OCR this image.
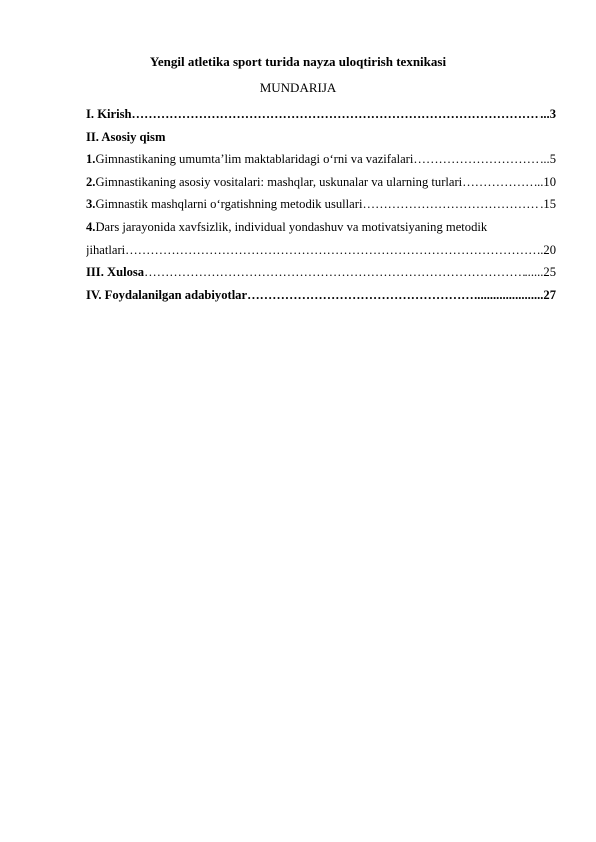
Yengil atletika sport turida nayza uloqtirish texnikasi
MUNDARIJA
I. Kirish ………………………………………………………………………………………………………………………………………………	...3
II. Asosiy qism
1.Gimnastikaning umumta’lim maktablaridagi o‘rni va vazifalari ………………………………………………………………………………………………………………………………………………	...5
2.Gimnastikaning asosiy vositalari: mashqlar, uskunalar va ularning turlari ………………………………………………………………………………………………………………………………………………	..10
3.Gimnastik mashqlarni o‘rgatishning metodik usullari ………………………………………………………………………………………………………………………………………………	.15
4.Dars jarayonida xavfsizlik, individual yondashuv va motivatsiyaning metodik
jihatlari ………………………………………………………………………………………………………………………………………………	.20
III. Xulosa ………………………………………………………………………………………………………………………………………………	......25
IV. Foydalanilgan adabiyotlar ………………………………………………………………………………………………………………………………………………	......................27
